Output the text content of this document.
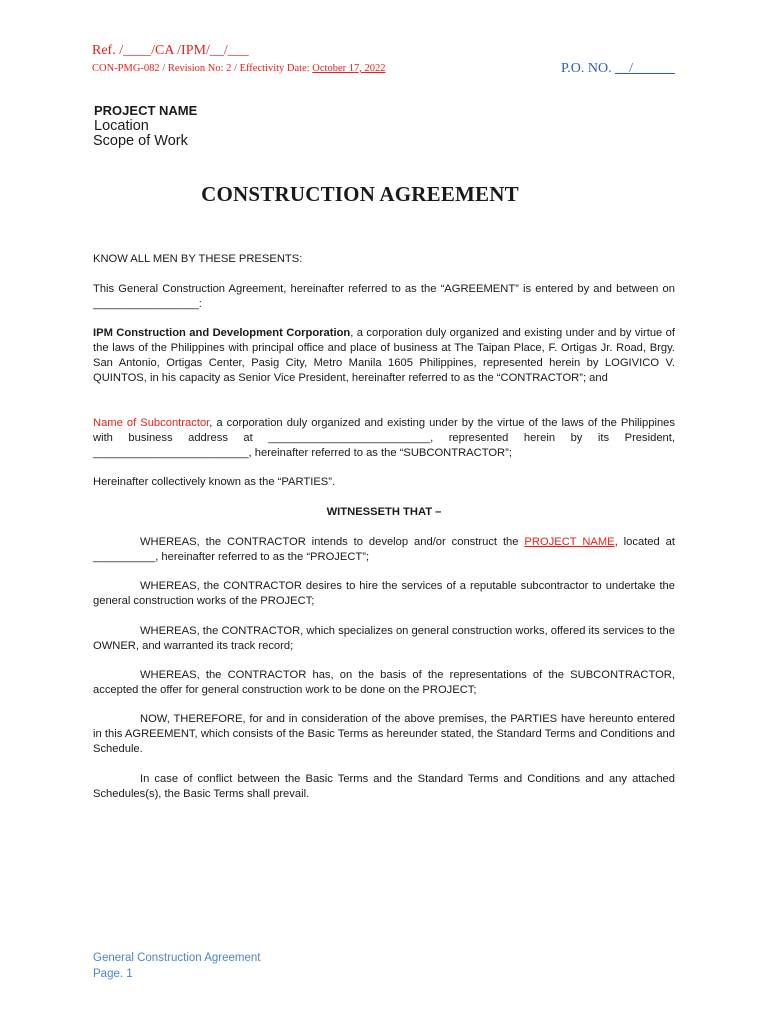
Ref. /____/CA /IPM/__/___
CON-PMG-082 / Revision No: 2 / Effectivity Date: October 17, 2022	P.O. NO. __/______
PROJECT NAME
Location
Scope of Work
CONSTRUCTION AGREEMENT
KNOW ALL MEN BY THESE PRESENTS:
This General Construction Agreement, hereinafter referred to as the “AGREEMENT” is entered by and between on _________________:
IPM Construction and Development Corporation, a corporation duly organized and existing under and by virtue of the laws of the Philippines with principal office and place of business at The Taipan Place, F. Ortigas Jr. Road, Brgy. San Antonio, Ortigas Center, Pasig City, Metro Manila 1605 Philippines, represented herein by LOGIVICO V. QUINTOS, in his capacity as Senior Vice President, hereinafter referred to as the “CONTRACTOR”; and
Name of Subcontractor, a corporation duly organized and existing under by the virtue of the laws of the Philippines with business address at __________________________, represented herein by its President, _________________________, hereinafter referred to as the “SUBCONTRACTOR”;
Hereinafter collectively known as the “PARTIES”.
WITNESSETH THAT –
WHEREAS, the CONTRACTOR intends to develop and/or construct the PROJECT NAME, located at __________, hereinafter referred to as the “PROJECT”;
WHEREAS, the CONTRACTOR desires to hire the services of a reputable subcontractor to undertake the general construction works of the PROJECT;
WHEREAS, the CONTRACTOR, which specializes on general construction works, offered its services to the OWNER, and warranted its track record;
WHEREAS, the CONTRACTOR has, on the basis of the representations of the SUBCONTRACTOR, accepted the offer for general construction work to be done on the PROJECT;
NOW, THEREFORE, for and in consideration of the above premises, the PARTIES have hereunto entered in this AGREEMENT, which consists of the Basic Terms as hereunder stated, the Standard Terms and Conditions and Schedule.
In case of conflict between the Basic Terms and the Standard Terms and Conditions and any attached Schedules(s), the Basic Terms shall prevail.
General Construction Agreement
Page. 1
